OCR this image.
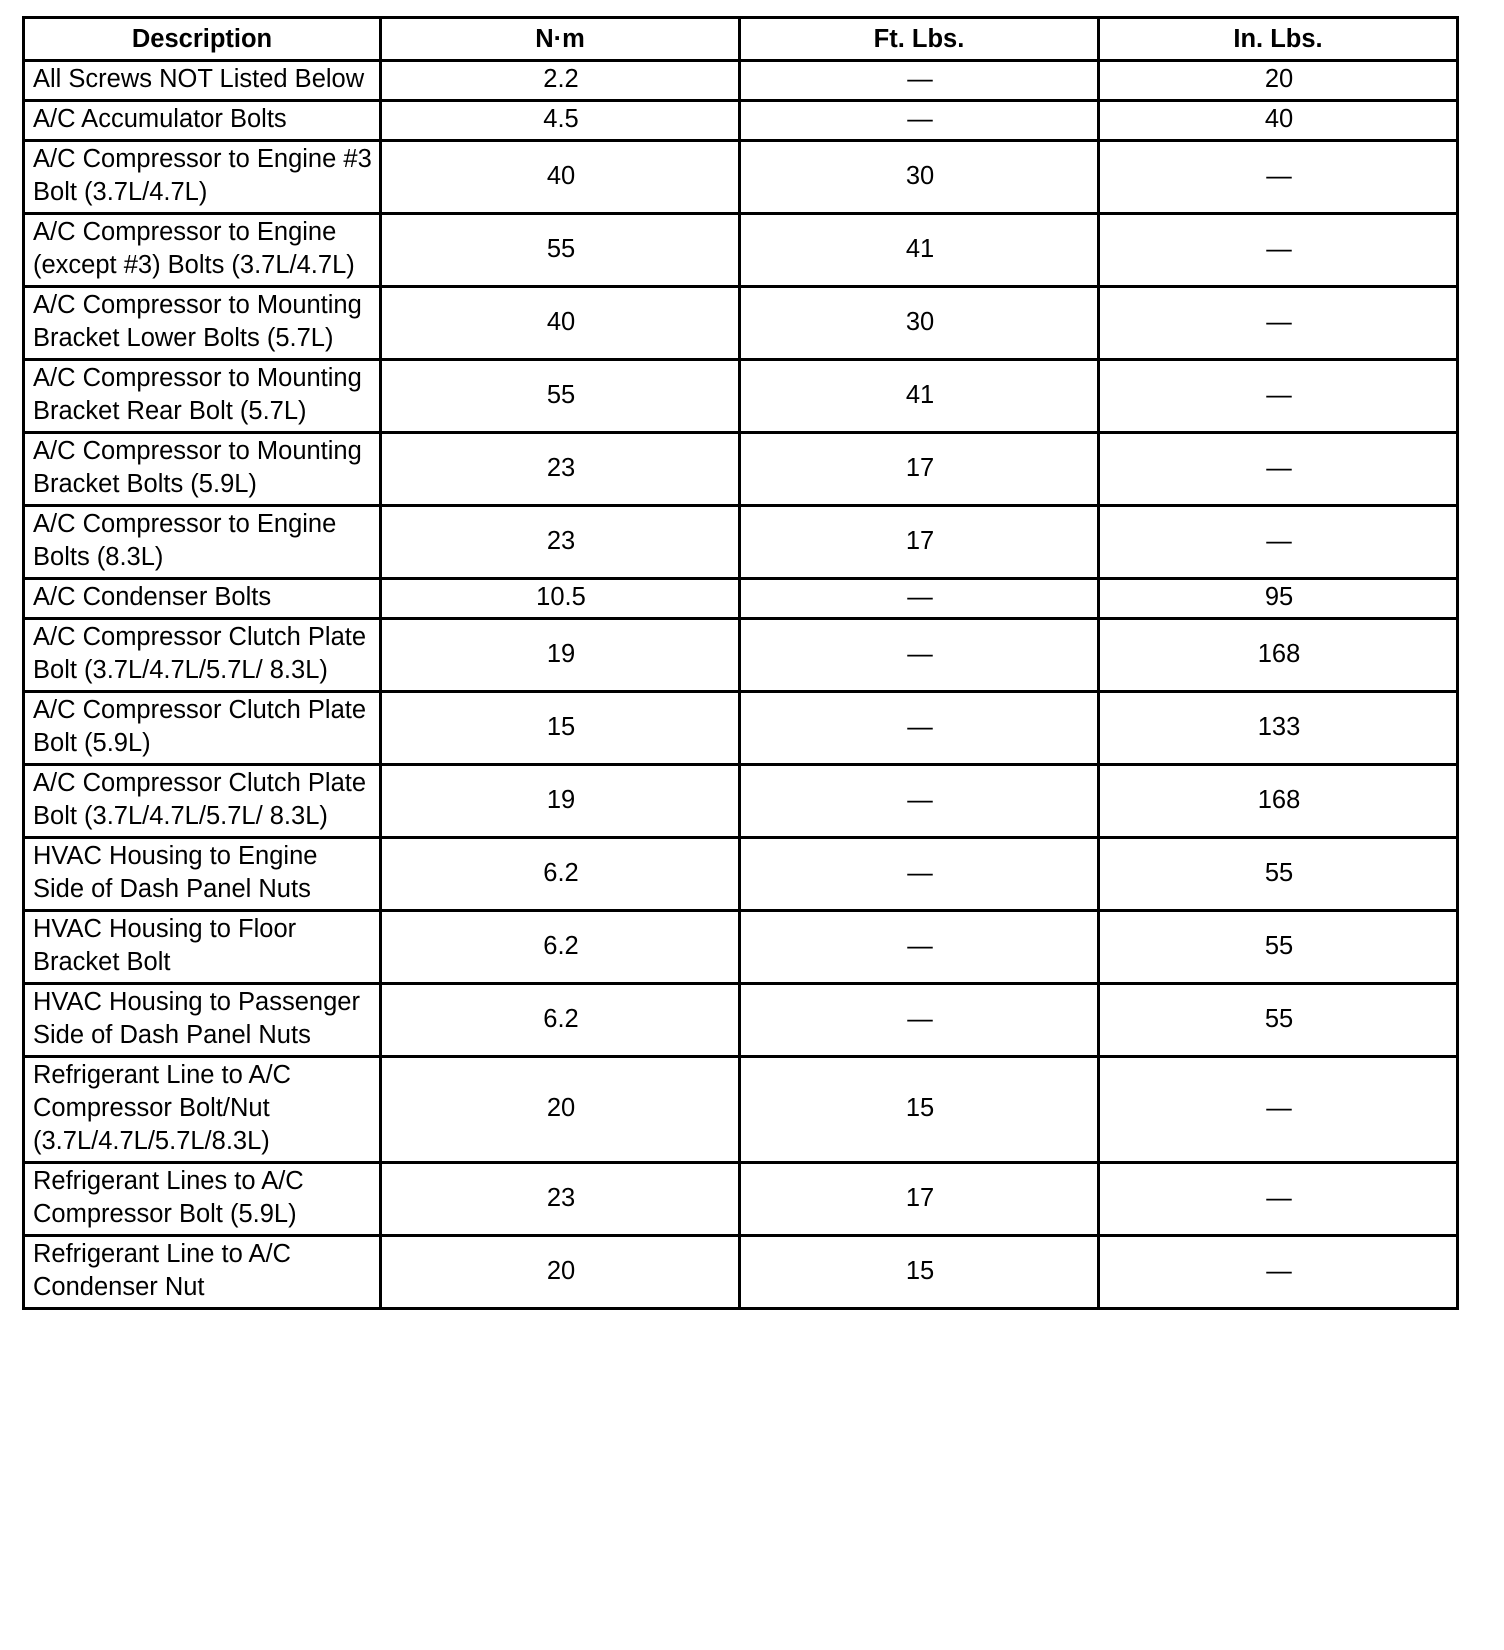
Description	N·m	Ft. Lbs.	In. Lbs.
All Screws NOT Listed Below	2.2	—	20
A/C Accumulator Bolts	4.5	—	40
A/C Compressor to Engine #3 Bolt (3.7L/4.7L)	40	30	—
A/C Compressor to Engine (except #3) Bolts (3.7L/4.7L)	55	41	—
A/C Compressor to Mounting Bracket Lower Bolts (5.7L)	40	30	—
A/C Compressor to Mounting Bracket Rear Bolt (5.7L)	55	41	—
A/C Compressor to Mounting Bracket Bolts (5.9L)	23	17	—
A/C Compressor to Engine Bolts (8.3L)	23	17	—
A/C Condenser Bolts	10.5	—	95
A/C Compressor Clutch Plate Bolt (3.7L/4.7L/5.7L/ 8.3L)	19	—	168
A/C Compressor Clutch Plate Bolt (5.9L)	15	—	133
A/C Compressor Clutch Plate Bolt (3.7L/4.7L/5.7L/ 8.3L)	19	—	168
HVAC Housing to Engine Side of Dash Panel Nuts	6.2	—	55
HVAC Housing to Floor Bracket Bolt	6.2	—	55
HVAC Housing to Passenger Side of Dash Panel Nuts	6.2	—	55
Refrigerant Line to A/C Compressor Bolt/Nut (3.7L/4.7L/5.7L/8.3L)	20	15	—
Refrigerant Lines to A/C Compressor Bolt (5.9L)	23	17	—
Refrigerant Line to A/C Condenser Nut	20	15	—
